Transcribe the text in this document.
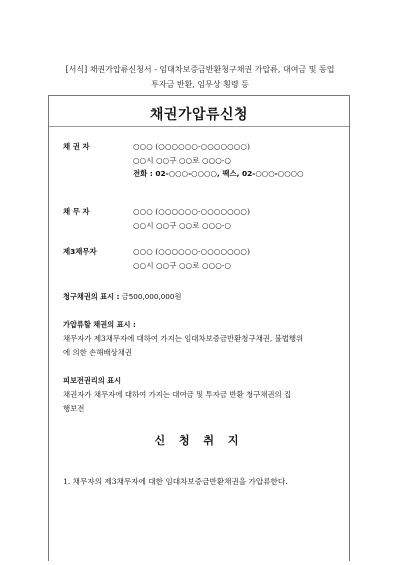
[서식] 채권가압류신청서 - 임대차보증금반환청구채권 가압류, 대여금 및 동업
투자금 반환, 임무상 횡령 등
채권가압류신청
채 권 자	○○○ (○○○○○○-○○○○○○○)
○○시 ○○구 ○○로 ○○○-○
전화 : 02-○○○-○○○○, 팩스, 02-○○○-○○○○
채 무 자	○○○ (○○○○○○-○○○○○○○)
○○시 ○○구 ○○로 ○○○-○
제3채무자	○○○ (○○○○○○-○○○○○○○)
○○시 ○○구 ○○로 ○○○-○
청구채권의 표시 : 금500,000,000원
가압류할 채권의 표시 :
채무자가 제3채무자에 대하여 가지는 임대차보증금반환청구채권, 불법행위
에 의한 손해배상채권
피보전권리의 표시
채권자가 채무자에 대하여 가지는 대여금 및 투자금 반환 청구채권의 집
행보전
신 청 취 지
1. 채무자의 제3채무자에 대한 임대차보증금반환채권을 가압류한다.
